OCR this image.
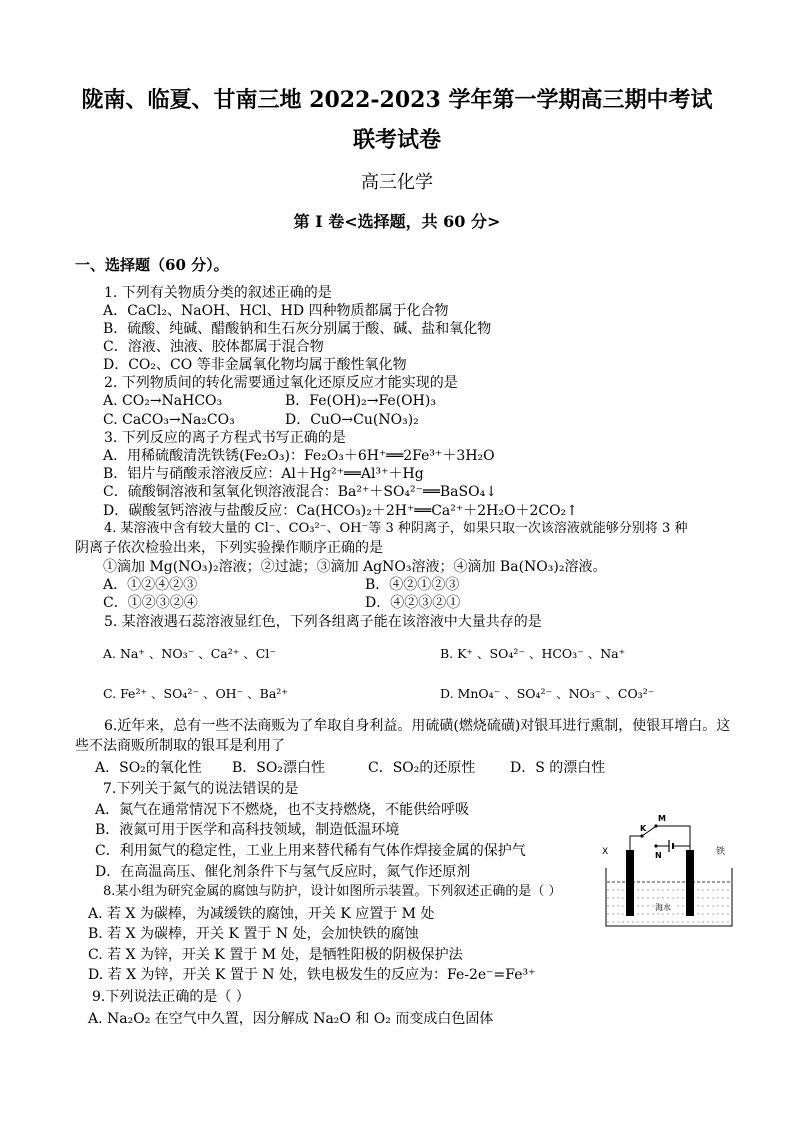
陇南、临夏、甘南三地 2022-2023 学年第一学期高三期中考试
联考试卷
高三化学
第 I 卷<选择题，共 60 分>
一、选择题（60 分）。
1. 下列有关物质分类的叙述正确的是
A．CaCl₂、NaOH、HCl、HD 四种物质都属于化合物
B．硫酸、纯碱、醋酸钠和生石灰分别属于酸、碱、盐和氧化物
C．溶液、浊液、胶体都属于混合物
D．CO₂、CO 等非金属氧化物均属于酸性氧化物
2. 下列物质间的转化需要通过氧化还原反应才能实现的是
A. CO₂→NaHCO₃	B．Fe(OH)₂→Fe(OH)₃
C. CaCO₃→Na₂CO₃	D．CuO→Cu(NO₃)₂
3. 下列反应的离子方程式书写正确的是
A．用稀硫酸清洗铁锈(Fe₂O₃)：Fe₂O₃＋6H⁺══2Fe³⁺＋3H₂O
B．铝片与硝酸汞溶液反应：Al＋Hg²⁺══Al³⁺＋Hg
C．硫酸铜溶液和氢氧化钡溶液混合：Ba²⁺＋SO₄²⁻══BaSO₄↓
D．碳酸氢钙溶液与盐酸反应：Ca(HCO₃)₂＋2H⁺══Ca²⁺＋2H₂O＋2CO₂↑
4. 某溶液中含有较大量的 Cl⁻、CO₃²⁻、OH⁻等 3 种阴离子，如果只取一次该溶液就能够分别将 3 种
阴离子依次检验出来，下列实验操作顺序正确的是
①滴加 Mg(NO₃)₂溶液；②过滤；③滴加 AgNO₃溶液；④滴加 Ba(NO₃)₂溶液。
A．①②④②③	B．④②①②③
C．①②③②④	D．④②③②①
5. 某溶液遇石蕊溶液显红色，下列各组离子能在该溶液中大量共存的是
A. Na⁺ 、NO₃⁻ 、Ca²⁺ 、Cl⁻	B. K⁺ 、SO₄²⁻ 、HCO₃⁻ 、Na⁺
C. Fe²⁺ 、SO₄²⁻ 、OH⁻ 、Ba²⁺	D. MnO₄⁻ 、SO₄²⁻ 、NO₃⁻ 、CO₃²⁻
6.近年来，总有一些不法商贩为了牟取自身利益。用硫磺(燃烧硫磺)对银耳进行熏制，使银耳增白。这
些不法商贩所制取的银耳是利用了
A．SO₂的氧化性 B．SO₂漂白性	C．SO₂的还原性 D．S 的漂白性
7.下列关于氮气的说法错误的是
A．氮气在通常情况下不燃烧，也不支持燃烧，不能供给呼吸
B．液氮可用于医学和高科技领域，制造低温环境
C．利用氮气的稳定性，工业上用来替代稀有气体作焊接金属的保护气
D．在高温高压、催化剂条件下与氢气反应时，氮气作还原剂
8.某小组为研究金属的腐蚀与防护，设计如图所示装置。下列叙述正确的是（ ）
A. 若 X 为碳棒，为减缓铁的腐蚀，开关 K 应置于 M 处
B. 若 X 为碳棒，开关 K 置于 N 处，会加快铁的腐蚀
C. 若 X 为锌，开关 K 置于 M 处，是牺牲阳极的阴极保护法
D. 若 X 为锌，开关 K 置于 N 处，铁电极发生的反应为：Fe-2e⁻=Fe³⁺
X	铁
K
M
N
海水
9.下列说法正确的是（ ）
A. Na₂O₂ 在空气中久置，因分解成 Na₂O 和 O₂ 而变成白色固体
